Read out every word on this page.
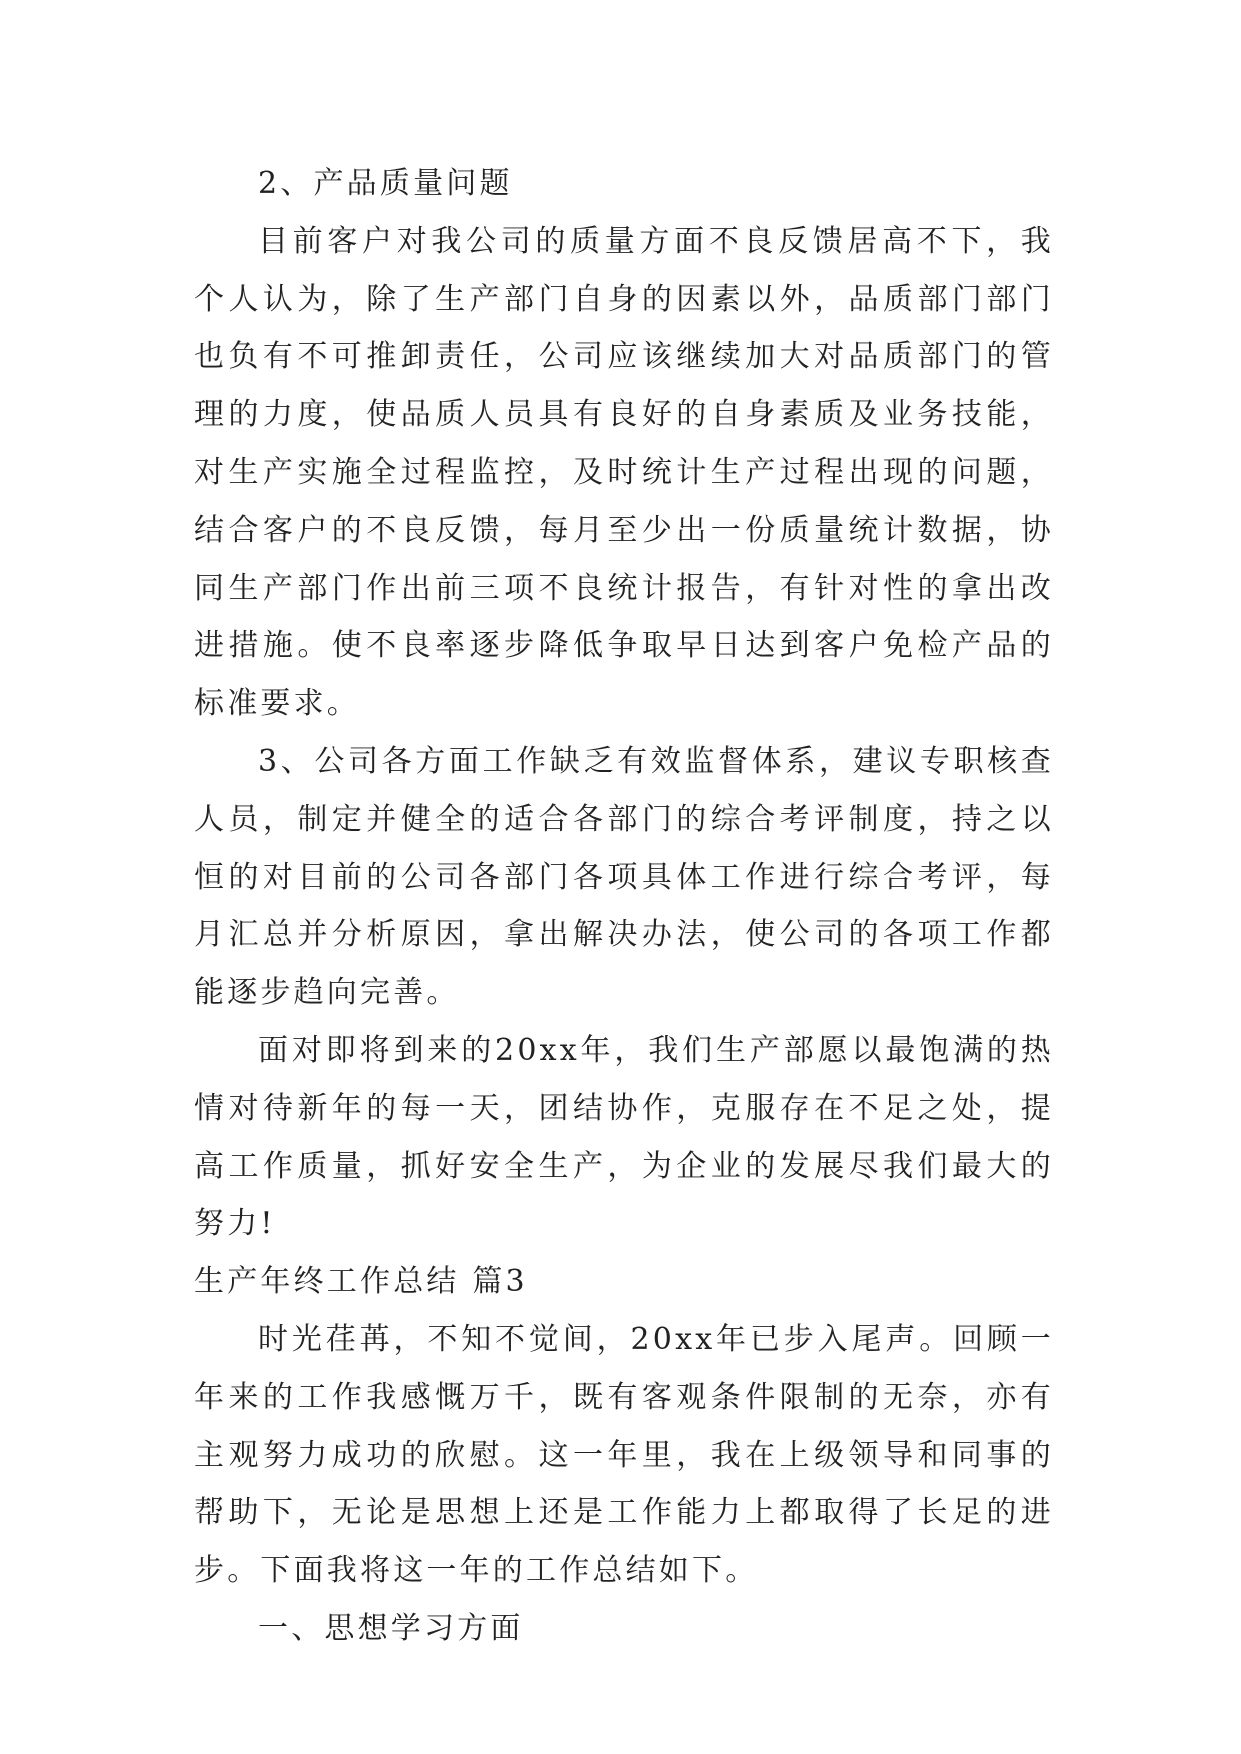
2、产品质量问题

目前客户对我公司的质量方面不良反馈居高不下，我个人认为，除了生产部门自身的因素以外，品质部门部门也负有不可推卸责任，公司应该继续加大对品质部门的管理的力度，使品质人员具有良好的自身素质及业务技能，对生产实施全过程监控，及时统计生产过程出现的问题，结合客户的不良反馈，每月至少出一份质量统计数据，协同生产部门作出前三项不良统计报告，有针对性的拿出改进措施。使不良率逐步降低争取早日达到客户免检产品的标准要求。

3、公司各方面工作缺乏有效监督体系，建议专职核查人员，制定并健全的适合各部门的综合考评制度，持之以恒的对目前的公司各部门各项具体工作进行综合考评，每月汇总并分析原因，拿出解决办法，使公司的各项工作都能逐步趋向完善。

面对即将到来的20xx年，我们生产部愿以最饱满的热情对待新年的每一天，团结协作，克服存在不足之处，提高工作质量，抓好安全生产，为企业的发展尽我们最大的努力!

生产年终工作总结 篇3

时光荏苒，不知不觉间，20xx年已步入尾声。回顾一年来的工作我感慨万千，既有客观条件限制的无奈，亦有主观努力成功的欣慰。这一年里，我在上级领导和同事的帮助下，无论是思想上还是工作能力上都取得了长足的进步。下面我将这一年的工作总结如下。

一、思想学习方面
